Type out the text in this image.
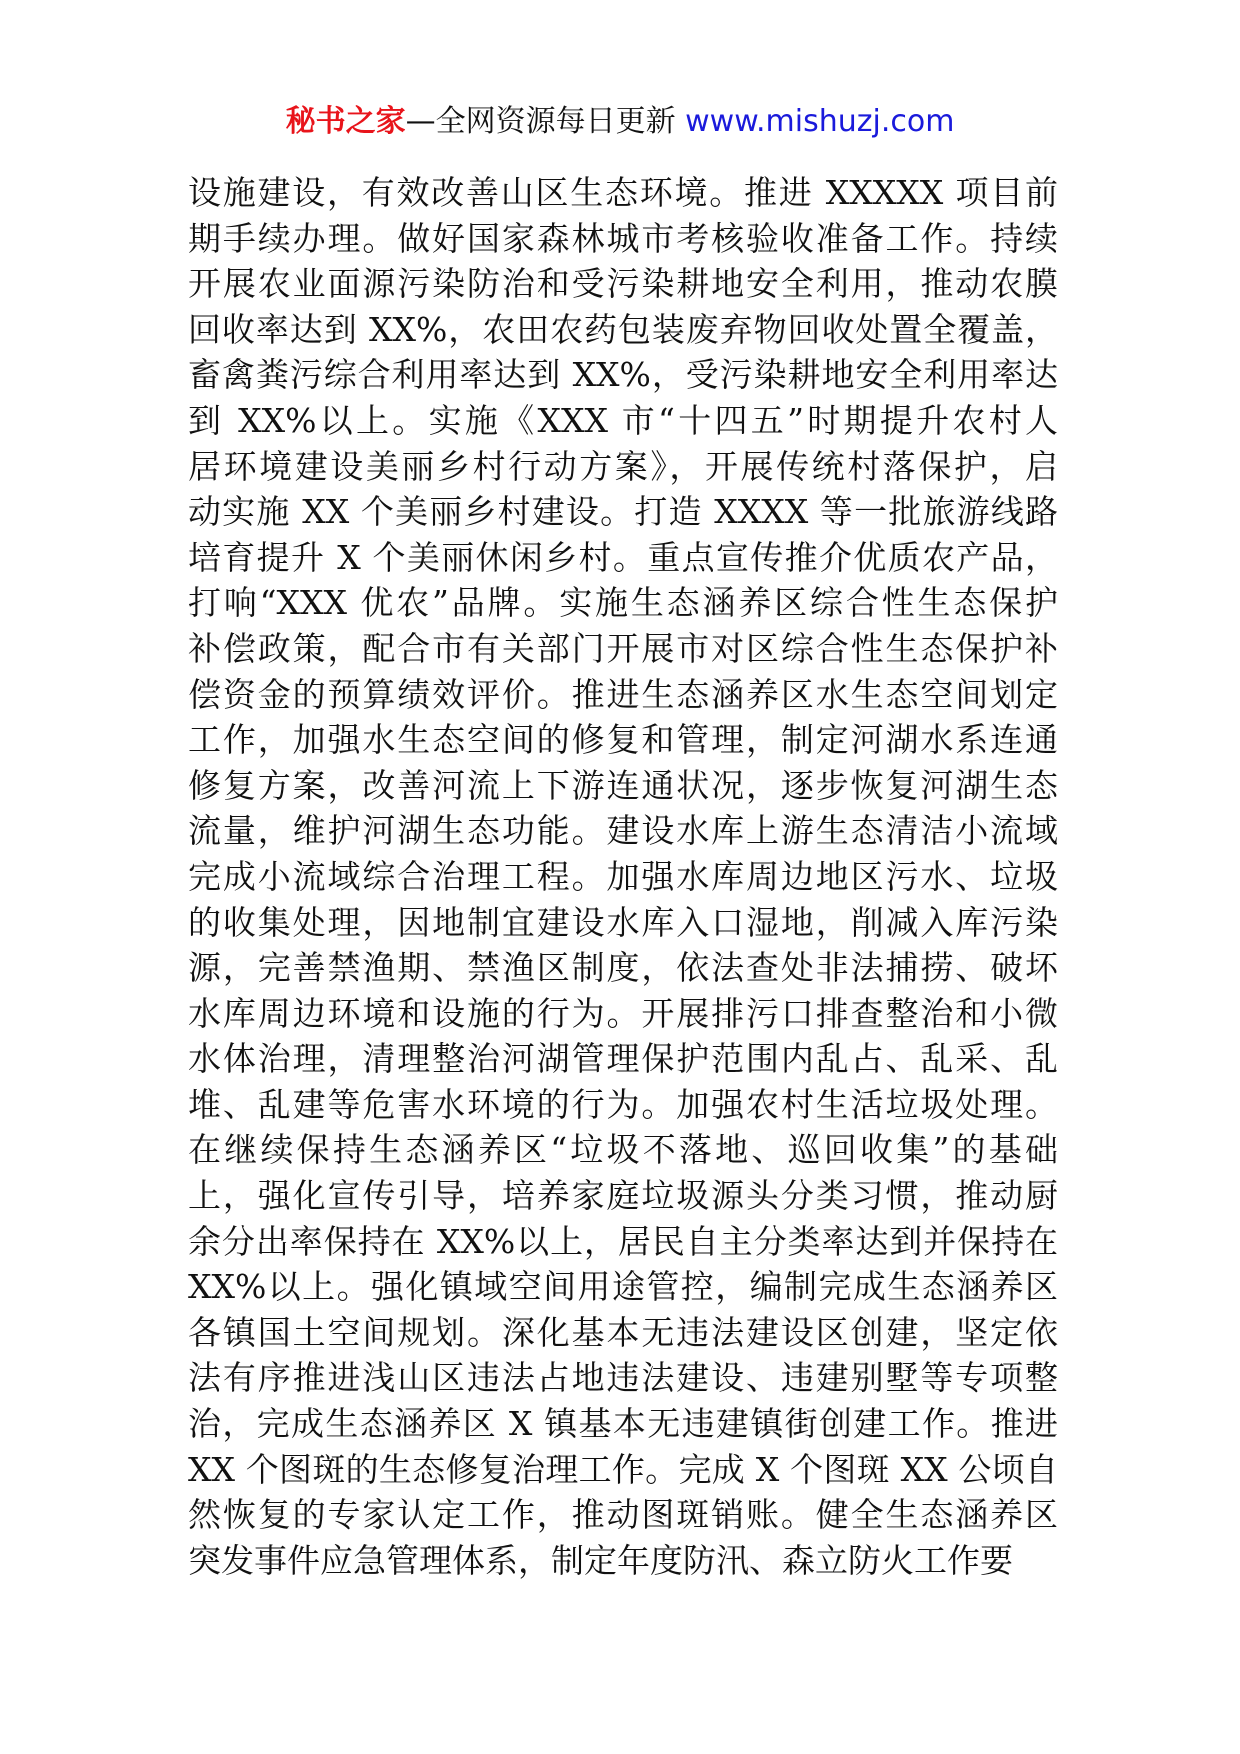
秘书之家—全网资源每日更新 www.mishuzj.com
设施建设，有效改善山区生态环境。推进 XXXXX 项目前
期手续办理。做好国家森林城市考核验收准备工作。持续
开展农业面源污染防治和受污染耕地安全利用，推动农膜
回收率达到 XX%，农田农药包装废弃物回收处置全覆盖，
畜禽粪污综合利用率达到 XX%，受污染耕地安全利用率达
到 XX%以上。实施《XXX 市“十四五”时期提升农村人
居环境建设美丽乡村行动方案》，开展传统村落保护，启
动实施 XX 个美丽乡村建设。打造 XXXX 等一批旅游线路
培育提升 X 个美丽休闲乡村。重点宣传推介优质农产品，
打响“XXX 优农”品牌。实施生态涵养区综合性生态保护
补偿政策，配合市有关部门开展市对区综合性生态保护补
偿资金的预算绩效评价。推进生态涵养区水生态空间划定
工作，加强水生态空间的修复和管理，制定河湖水系连通
修复方案，改善河流上下游连通状况，逐步恢复河湖生态
流量，维护河湖生态功能。建设水库上游生态清洁小流域
完成小流域综合治理工程。加强水库周边地区污水、垃圾
的收集处理，因地制宜建设水库入口湿地，削减入库污染
源，完善禁渔期、禁渔区制度，依法查处非法捕捞、破坏
水库周边环境和设施的行为。开展排污口排查整治和小微
水体治理，清理整治河湖管理保护范围内乱占、乱采、乱
堆、乱建等危害水环境的行为。加强农村生活垃圾处理。
在继续保持生态涵养区“垃圾不落地、巡回收集”的基础
上，强化宣传引导，培养家庭垃圾源头分类习惯，推动厨
余分出率保持在 XX%以上，居民自主分类率达到并保持在
XX%以上。强化镇域空间用途管控，编制完成生态涵养区
各镇国土空间规划。深化基本无违法建设区创建，坚定依
法有序推进浅山区违法占地违法建设、违建别墅等专项整
治，完成生态涵养区 X 镇基本无违建镇街创建工作。推进
XX 个图斑的生态修复治理工作。完成 X 个图斑 XX 公顷自
然恢复的专家认定工作，推动图斑销账。健全生态涵养区
突发事件应急管理体系，制定年度防汛、森立防火工作要
